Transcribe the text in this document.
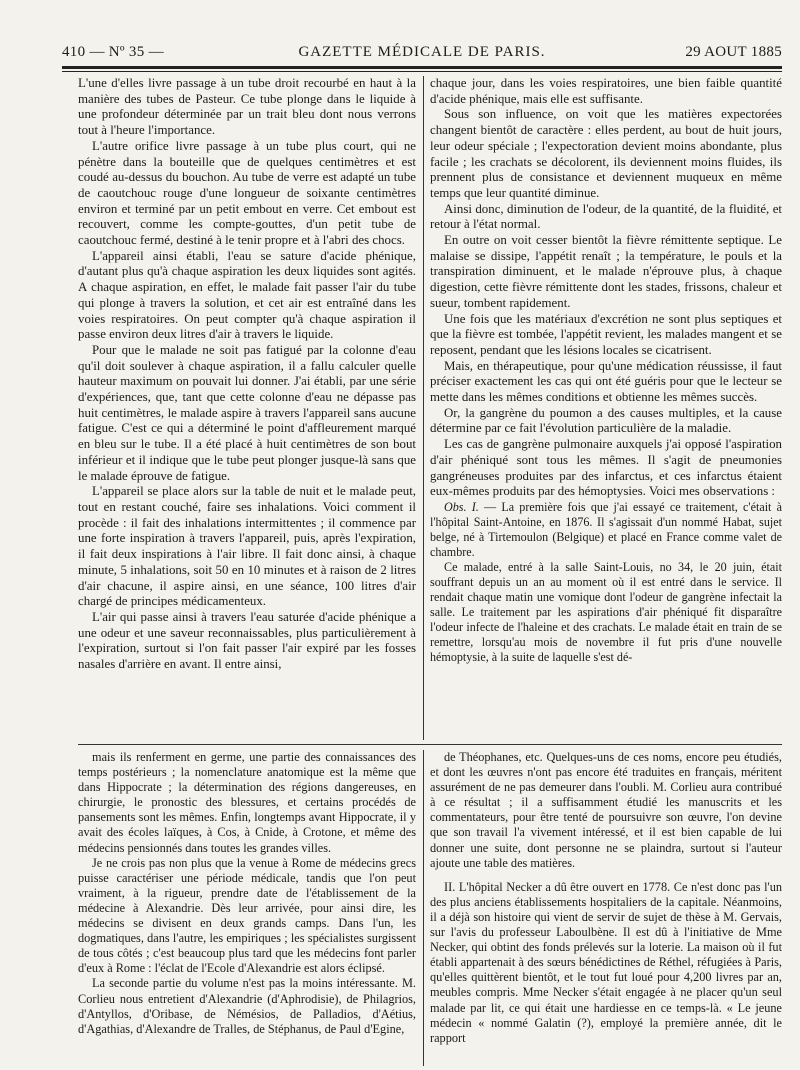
410 — Nº 35 —	GAZETTE MÉDICALE DE PARIS.	29 AOUT 1885

L'une d'elles livre passage à un tube droit recourbé en haut à la manière des tubes de Pasteur. Ce tube plonge dans le liquide à une profondeur déterminée par un trait bleu dont nous verrons tout à l'heure l'importance.

L'autre orifice livre passage à un tube plus court, qui ne pénètre dans la bouteille que de quelques centimètres et est coudé au-dessus du bouchon. Au tube de verre est adapté un tube de caoutchouc rouge d'une longueur de soixante centimètres environ et terminé par un petit embout en verre. Cet embout est recouvert, comme les compte-gouttes, d'un petit tube de caoutchouc fermé, destiné à le tenir propre et à l'abri des chocs.

L'appareil ainsi établi, l'eau se sature d'acide phénique, d'autant plus qu'à chaque aspiration les deux liquides sont agités. A chaque aspiration, en effet, le malade fait passer l'air du tube qui plonge à travers la solution, et cet air est entraîné dans les voies respiratoires. On peut compter qu'à chaque aspiration il passe environ deux litres d'air à travers le liquide.

Pour que le malade ne soit pas fatigué par la colonne d'eau qu'il doit soulever à chaque aspiration, il a fallu calculer quelle hauteur maximum on pouvait lui donner. J'ai établi, par une série d'expériences, que, tant que cette colonne d'eau ne dépasse pas huit centimètres, le malade aspire à travers l'appareil sans aucune fatigue. C'est ce qui a déterminé le point d'affleurement marqué en bleu sur le tube. Il a été placé à huit centimètres de son bout inférieur et il indique que le tube peut plonger jusque-là sans que le malade éprouve de fatigue.

L'appareil se place alors sur la table de nuit et le malade peut, tout en restant couché, faire ses inhalations. Voici comment il procède : il fait des inhalations intermittentes ; il commence par une forte inspiration à travers l'appareil, puis, après l'expiration, il fait deux inspirations à l'air libre. Il fait donc ainsi, à chaque minute, 5 inhalations, soit 50 en 10 minutes et à raison de 2 litres d'air chacune, il aspire ainsi, en une séance, 100 litres d'air chargé de principes médicamenteux.

L'air qui passe ainsi à travers l'eau saturée d'acide phénique a une odeur et une saveur reconnaissables, plus particulièrement à l'expiration, surtout si l'on fait passer l'air expiré par les fosses nasales d'arrière en avant. Il entre ainsi,

chaque jour, dans les voies respiratoires, une bien faible quantité d'acide phénique, mais elle est suffisante.

Sous son influence, on voit que les matières expectorées changent bientôt de caractère : elles perdent, au bout de huit jours, leur odeur spéciale ; l'expectoration devient moins abondante, plus facile ; les crachats se décolorent, ils deviennent moins fluides, ils prennent plus de consistance et deviennent muqueux en même temps que leur quantité diminue.

Ainsi donc, diminution de l'odeur, de la quantité, de la fluidité, et retour à l'état normal.

En outre on voit cesser bientôt la fièvre rémittente septique. Le malaise se dissipe, l'appétit renaît ; la température, le pouls et la transpiration diminuent, et le malade n'éprouve plus, à chaque digestion, cette fièvre rémittente dont les stades, frissons, chaleur et sueur, tombent rapidement.

Une fois que les matériaux d'excrétion ne sont plus septiques et que la fièvre est tombée, l'appétit revient, les malades mangent et se reposent, pendant que les lésions locales se cicatrisent.

Mais, en thérapeutique, pour qu'une médication réussisse, il faut préciser exactement les cas qui ont été guéris pour que le lecteur se mette dans les mêmes conditions et obtienne les mêmes succès.

Or, la gangrène du poumon a des causes multiples, et la cause détermine par ce fait l'évolution particulière de la maladie.

Les cas de gangrène pulmonaire auxquels j'ai opposé l'aspiration d'air phéniqué sont tous les mêmes. Il s'agit de pneumonies gangréneuses produites par des infarctus, et ces infarctus étaient eux-mêmes produits par des hémoptysies. Voici mes observations :

Obs. I. — La première fois que j'ai essayé ce traitement, c'était à l'hôpital Saint-Antoine, en 1876. Il s'agissait d'un nommé Habat, sujet belge, né à Tirtemoulon (Belgique) et placé en France comme valet de chambre.

Ce malade, entré à la salle Saint-Louis, no 34, le 20 juin, était souffrant depuis un an au moment où il est entré dans le service. Il rendait chaque matin une vomique dont l'odeur de gangrène infectait la salle. Le traitement par les aspirations d'air phéniqué fit disparaître l'odeur infecte de l'haleine et des crachats. Le malade était en train de se remettre, lorsqu'au mois de novembre il fut pris d'une nouvelle hémoptysie, à la suite de laquelle s'est dé-

mais ils renferment en germe, une partie des connaissances des temps postérieurs ; la nomenclature anatomique est la même que dans Hippocrate ; la détermination des régions dangereuses, en chirurgie, le pronostic des blessures, et certains procédés de pansements sont les mêmes. Enfin, longtemps avant Hippocrate, il y avait des écoles laïques, à Cos, à Cnide, à Crotone, et même des médecins pensionnés dans toutes les grandes villes.

Je ne crois pas non plus que la venue à Rome de médecins grecs puisse caractériser une période médicale, tandis que l'on peut vraiment, à la rigueur, prendre date de l'établissement de la médecine à Alexandrie. Dès leur arrivée, pour ainsi dire, les médecins se divisent en deux grands camps. Dans l'un, les dogmatiques, dans l'autre, les empiriques ; les spécialistes surgissent de tous côtés ; c'est beaucoup plus tard que les médecins font parler d'eux à Rome : l'éclat de l'Ecole d'Alexandrie est alors éclipsé.

La seconde partie du volume n'est pas la moins intéressante. M. Corlieu nous entretient d'Alexandrie (d'Aphrodisie), de Philagrios, d'Antyllos, d'Oribase, de Némésios, de Palladios, d'Aétius, d'Agathias, d'Alexandre de Tralles, de Stéphanus, de Paul d'Egine,

de Théophanes, etc. Quelques-uns de ces noms, encore peu étudiés, et dont les œuvres n'ont pas encore été traduites en français, méritent assurément de ne pas demeurer dans l'oubli. M. Corlieu aura contribué à ce résultat ; il a suffisamment étudié les manuscrits et les commentateurs, pour être tenté de poursuivre son œuvre, l'on devine que son travail l'a vivement intéressé, et il est bien capable de lui donner une suite, dont personne ne se plaindra, surtout si l'auteur ajoute une table des matières.

II. L'hôpital Necker a dû être ouvert en 1778. Ce n'est donc pas l'un des plus anciens établissements hospitaliers de la capitale. Néanmoins, il a déjà son histoire qui vient de servir de sujet de thèse à M. Gervais, sur l'avis du professeur Laboulbène. Il est dû à l'initiative de Mme Necker, qui obtint des fonds prélevés sur la loterie. La maison où il fut établi appartenait à des sœurs bénédictines de Réthel, réfugiées à Paris, qu'elles quittèrent bientôt, et le tout fut loué pour 4,200 livres par an, meubles compris. Mme Necker s'était engagée à ne placer qu'un seul malade par lit, ce qui était une hardiesse en ce temps-là. « Le jeune médecin « nommé Galatin (?), employé la première année, dit le rapport
